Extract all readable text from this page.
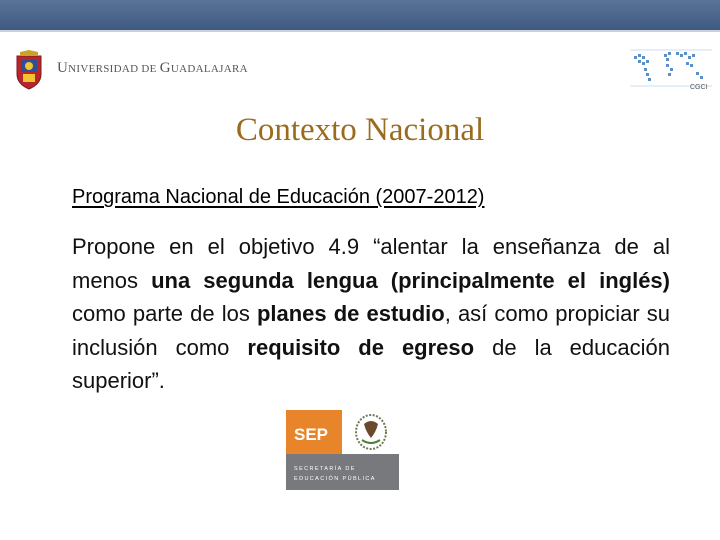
UNIVERSIDAD DE GUADALAJARA
CGCI
Contexto Nacional
Programa Nacional de Educación (2007-2012)
Propone en el objetivo 4.9 “alentar la enseñanza de al menos una segunda lengua (principalmente el inglés) como parte de los planes de estudio, así como propiciar su inclusión como requisito de egreso de la educación superior”.
SEP
SECRETARÍA DE
EDUCACIÓN PÚBLICA
